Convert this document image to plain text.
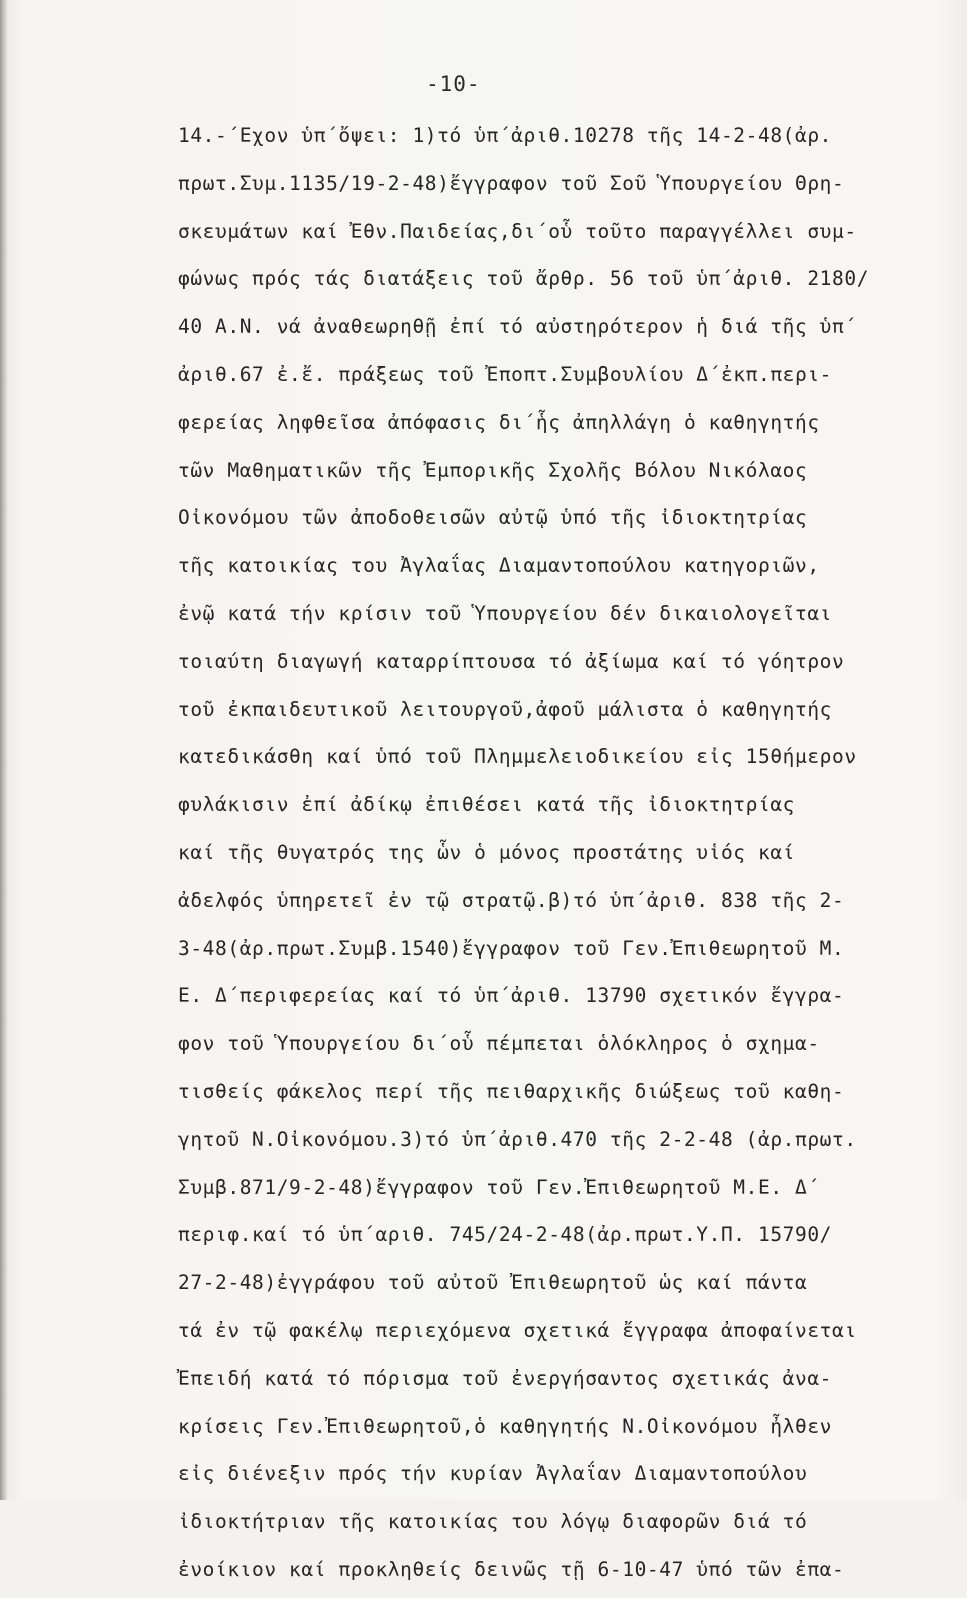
-10-
14.-΄Εχον ὑπ΄ὄψει: 1)τό ὑπ΄ἀριθ.10278 τῆς 14-2-48(ἀρ.
πρωτ.Συμ.1135/19-2-48)ἔγγραφον τοῦ Σοῦ Ὑπουργείου Θρη-
σκευμάτων καί Ἐθν.Παιδείας,δι΄οὗ τοῦτο παραγγέλλει συμ-
φώνως πρός τάς διατάξεις τοῦ ἄρθρ. 56 τοῦ ὑπ΄ἀριθ. 2180/
40 Α.Ν. νά ἀναθεωρηθῇ ἐπί τό αὐστηρότερον ἡ διά τῆς ὑπ΄
ἀριθ.67 ἐ.ἔ. πράξεως τοῦ Ἐποπτ.Συμβουλίου Δ΄ἐκπ.περι-
φερείας ληφθεῖσα ἀπόφασις δι΄ἧς ἀπηλλάγη ὁ καθηγητής
τῶν Μαθηματικῶν τῆς Ἐμπορικῆς Σχολῆς Βόλου Νικόλαος
Οἰκονόμου τῶν ἀποδοθεισῶν αὐτῷ ὑπό τῆς ἰδιοκτητρίας
τῆς κατοικίας του Ἀγλαΐας Διαμαντοπούλου κατηγοριῶν,
ἐνῷ κατά τήν κρίσιν τοῦ Ὑπουργείου δέν δικαιολογεῖται
τοιαύτη διαγωγή καταρρίπτουσα τό ἀξίωμα καί τό γόητρον
τοῦ ἐκπαιδευτικοῦ λειτουργοῦ,ἀφοῦ μάλιστα ὁ καθηγητής
κατεδικάσθη καί ὑπό τοῦ Πλημμελειοδικείου εἰς 15θήμερον
φυλάκισιν ἐπί ἀδίκῳ ἐπιθέσει κατά τῆς ἰδιοκτητρίας
καί τῆς θυγατρός της ὧν ὁ μόνος προστάτης υἱός καί
ἀδελφός ὑπηρετεῖ ἐν τῷ στρατῷ.β)τό ὑπ΄ἀριθ. 838 τῆς 2-
3-48(ἀρ.πρωτ.Συμβ.1540)ἔγγραφον τοῦ Γεν.Ἐπιθεωρητοῦ Μ.
Ε. Δ΄περιφερείας καί τό ὑπ΄ἀριθ. 13790 σχετικόν ἔγγρα-
φον τοῦ Ὑπουργείου δι΄οὗ πέμπεται ὁλόκληρος ὁ σχημα-
τισθείς φάκελος περί τῆς πειθαρχικῆς διώξεως τοῦ καθη-
γητοῦ Ν.Οἰκονόμου.3)τό ὑπ΄ἀριθ.470 τῆς 2-2-48 (ἀρ.πρωτ.
Συμβ.871/9-2-48)ἔγγραφον τοῦ Γεν.Ἐπιθεωρητοῦ Μ.Ε. Δ΄
περιφ.καί τό ὑπ΄αριθ. 745/24-2-48(ἀρ.πρωτ.Υ.Π. 15790/
27-2-48)ἐγγράφου τοῦ αὐτοῦ Ἐπιθεωρητοῦ ὡς καί πάντα
τά ἐν τῷ φακέλῳ περιεχόμενα σχετικά ἔγγραφα ἀποφαίνεται
Ἐπειδή κατά τό πόρισμα τοῦ ἐνεργήσαντος σχετικάς ἀνα-
κρίσεις Γεν.Ἐπιθεωρητοῦ,ὁ καθηγητής Ν.Οἰκονόμου ἦλθεν
εἰς διένεξιν πρός τήν κυρίαν Ἀγλαΐαν Διαμαντοπούλου
ἰδιοκτήτριαν τῆς κατοικίας του λόγῳ διαφορῶν διά τό
ἐνοίκιον καί προκληθείς δεινῶς τῇ 6-10-47 ὑπό τῶν ἐπα-
